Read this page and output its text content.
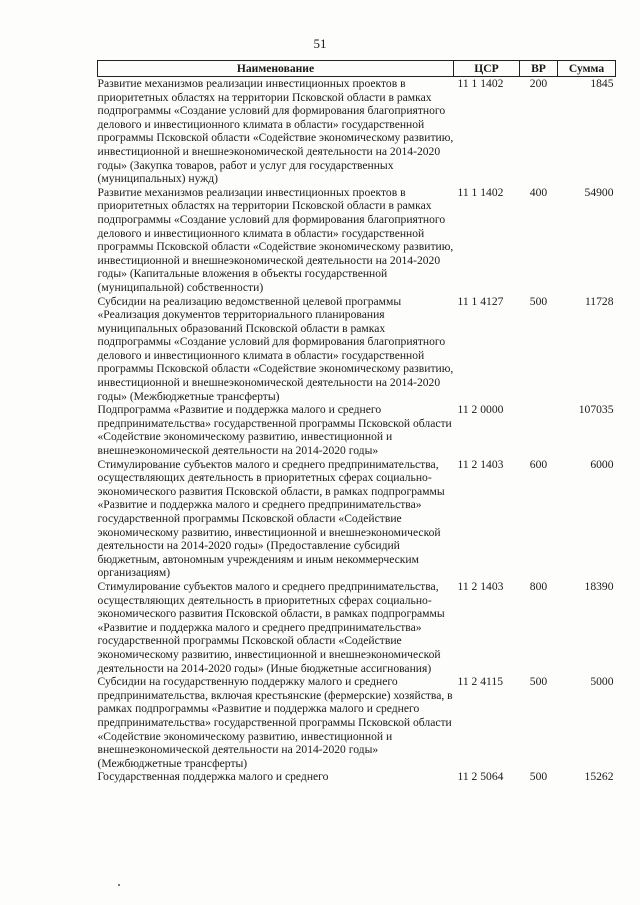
51
Наименование	ЦСР	ВР	Сумма
Развитие механизмов реализации инвестиционных проектов в приоритетных областях на территории Псковской области в рамках подпрограммы «Создание условий для формирования благоприятного делового и инвестиционного климата в области» государственной программы Псковской области «Содействие экономическому развитию, инвестиционной и внешнеэкономической деятельности на 2014-2020 годы» (Закупка товаров, работ и услуг для государственных (муниципальных) нужд)	11 1 1402	200	1845
Развитие механизмов реализации инвестиционных проектов в приоритетных областях на территории Псковской области в рамках подпрограммы «Создание условий для формирования благоприятного делового и инвестиционного климата в области» государственной программы Псковской области «Содействие экономическому развитию, инвестиционной и внешнеэкономической деятельности на 2014-2020 годы» (Капитальные вложения в объекты государственной (муниципальной) собственности)	11 1 1402	400	54900
Субсидии на реализацию ведомственной целевой программы «Реализация документов территориального планирования муниципальных образований Псковской области в рамках подпрограммы «Создание условий для формирования благоприятного делового и инвестиционного климата в области» государственной программы Псковской области «Содействие экономическому развитию, инвестиционной и внешнеэкономической деятельности на 2014-2020 годы» (Межбюджетные трансферты)	11 1 4127	500	11728
Подпрограмма «Развитие и поддержка малого и среднего предпринимательства» государственной программы Псковской области «Содействие экономическому развитию, инвестиционной и внешнеэкономической деятельности на 2014-2020 годы»	11 2 0000		107035
Стимулирование субъектов малого и среднего предпринимательства, осуществляющих деятельность в приоритетных сферах социально-экономического развития Псковской области, в рамках подпрограммы «Развитие и поддержка малого и среднего предпринимательства» государственной программы Псковской области «Содействие экономическому развитию, инвестиционной и внешнеэкономической деятельности на 2014-2020 годы» (Предоставление субсидий бюджетным, автономным учреждениям и иным некоммерческим организациям)	11 2 1403	600	6000
Стимулирование субъектов малого и среднего предпринимательства, осуществляющих деятельность в приоритетных сферах социально-экономического развития Псковской области, в рамках подпрограммы «Развитие и поддержка малого и среднего предпринимательства» государственной программы Псковской области «Содействие экономическому развитию, инвестиционной и внешнеэкономической деятельности на 2014-2020 годы» (Иные бюджетные ассигнования)	11 2 1403	800	18390
Субсидии на государственную поддержку малого и среднего предпринимательства, включая крестьянские (фермерские) хозяйства, в рамках подпрограммы «Развитие и поддержка малого и среднего предпринимательства» государственной программы Псковской области «Содействие экономическому развитию, инвестиционной и внешнеэкономической деятельности на 2014-2020 годы» (Межбюджетные трансферты)	11 2 4115	500	5000
Государственная поддержка малого и среднего	11 2 5064	500	15262
